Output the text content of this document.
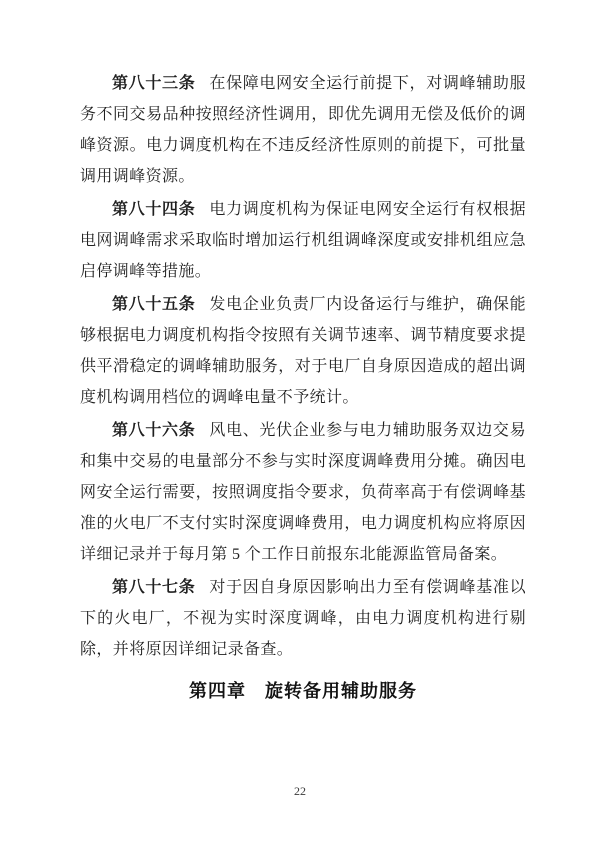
第八十三条 在保障电网安全运行前提下，对调峰辅助服务不同交易品种按照经济性调用，即优先调用无偿及低价的调峰资源。电力调度机构在不违反经济性原则的前提下，可批量调用调峰资源。

第八十四条 电力调度机构为保证电网安全运行有权根据电网调峰需求采取临时增加运行机组调峰深度或安排机组应急启停调峰等措施。

第八十五条 发电企业负责厂内设备运行与维护，确保能够根据电力调度机构指令按照有关调节速率、调节精度要求提供平滑稳定的调峰辅助服务，对于电厂自身原因造成的超出调度机构调用档位的调峰电量不予统计。

第八十六条 风电、光伏企业参与电力辅助服务双边交易和集中交易的电量部分不参与实时深度调峰费用分摊。确因电网安全运行需要，按照调度指令要求，负荷率高于有偿调峰基准的火电厂不支付实时深度调峰费用，电力调度机构应将原因详细记录并于每月第 5 个工作日前报东北能源监管局备案。

第八十七条 对于因自身原因影响出力至有偿调峰基准以下的火电厂，不视为实时深度调峰，由电力调度机构进行剔除，并将原因详细记录备查。

第四章　旋转备用辅助服务
22
